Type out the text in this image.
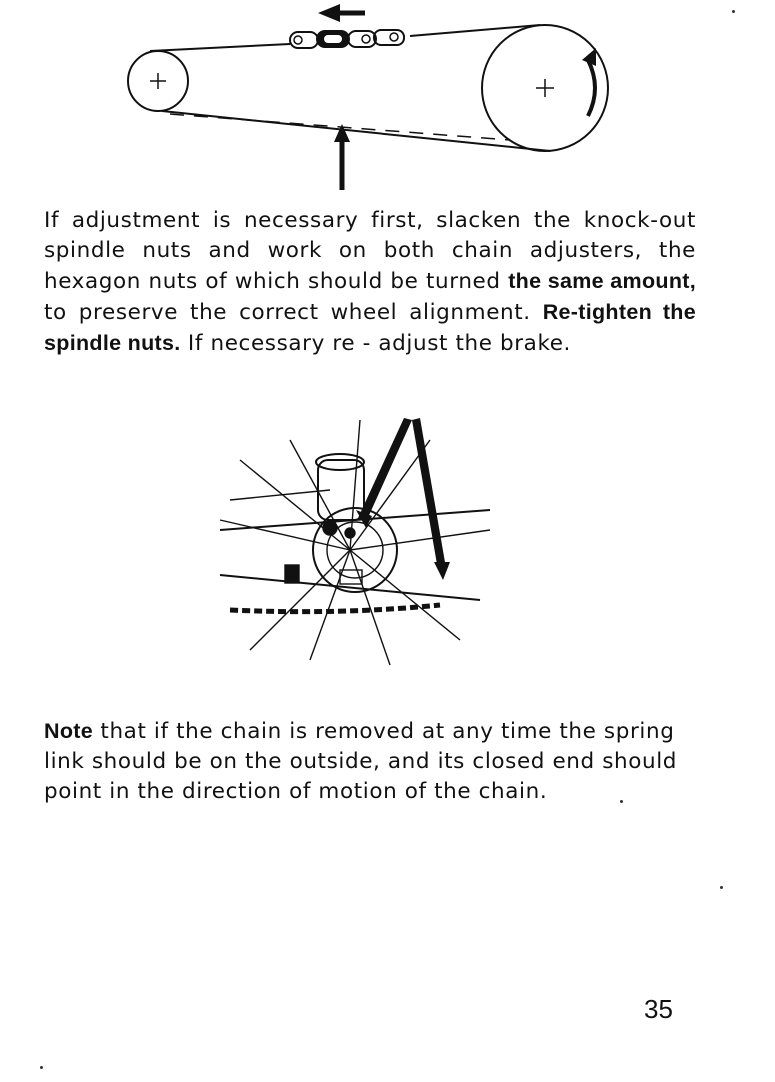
If adjustment is necessary first, slacken the knock-out spindle nuts and work on both chain adjusters, the hexagon nuts of which should be turned the same amount, to preserve the correct wheel alignment. Re-tighten the spindle nuts. If necessary re - adjust the brake.

Note that if the chain is removed at any time the spring link should be on the outside, and its closed end should point in the direction of motion of the chain.

35
